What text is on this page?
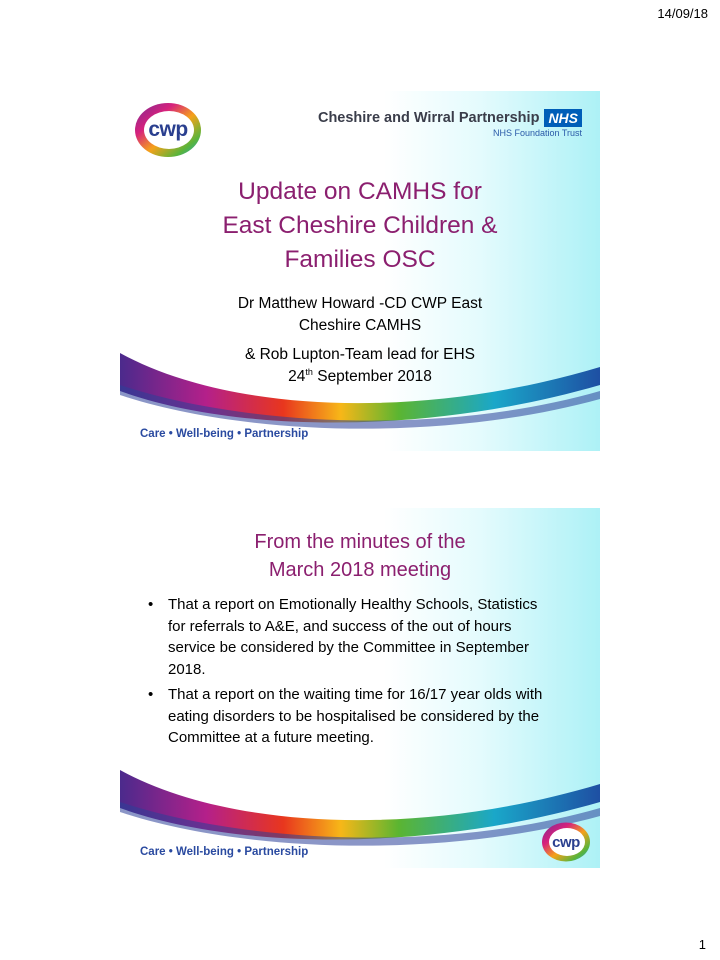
14/09/18
cwp	Cheshire and Wirral Partnership NHS
NHS Foundation Trust
Update on CAMHS for
East Cheshire Children &
Families OSC
Dr Matthew Howard -CD CWP East
Cheshire CAMHS
& Rob Lupton-Team lead for EHS
24th September 2018
Care • Well-being • Partnership
From the minutes of the
March 2018 meeting
• That a report on Emotionally Healthy Schools, Statistics for referrals to A&E, and success of the out of hours service be considered by the Committee in September 2018.
• That a report on the waiting time for 16/17 year olds with eating disorders to be hospitalised be considered by the Committee at a future meeting.
Care • Well-being • Partnership
cwp
1
